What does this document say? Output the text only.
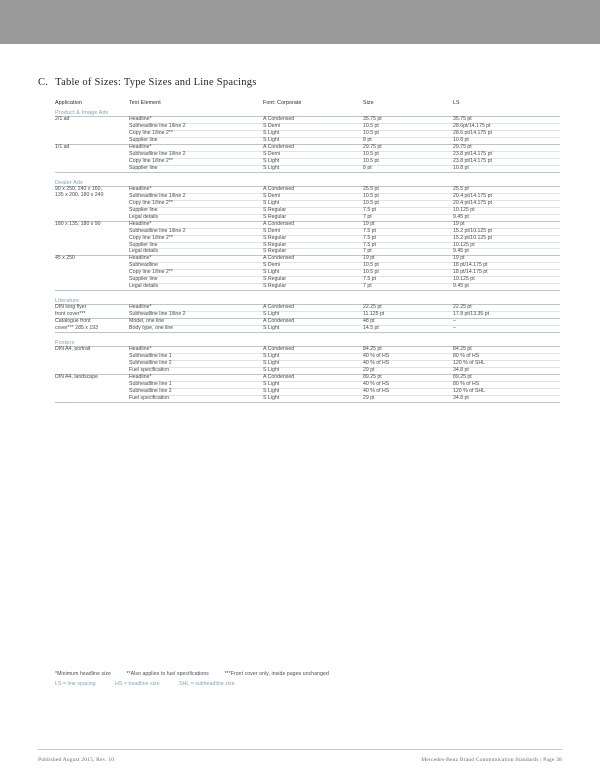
C. Table of Sizes: Type Sizes and Line Spacings
Application	Text Element	Font: Corporate	Size	LS
Product & Image Ads				
2/1 ad	Headline*	A Condensed	35.75 pt	35.75 pt
	Subheadline line 1/line 2	S Demi	10.5 pt	28.6pt/14.175 pt
	Copy line 1/line 2**	S Light	10.5 pt	28.6 pt/14.175 pt
	Supplier line	S Light	8 pt	10.8 pt
1/1 ad	Headline*	A Condensed	29.75 pt	29.75 pt
	Subheadline line 1/line 2	S Demi	10.5 pt	23.8 pt/14.175 pt
	Copy line 1/line 2**	S Light	10.5 pt	23.8 pt/14.175 pt
	Supplier line	S Light	8 pt	10.8 pt

Dealer Ads				
90 x 250, 240 x 160,	Headline*	A Condensed	25.5 pt	25.5 pt
135 x 200, 180 x 240	Subheadline line 1/line 2	S Demi	10.5 pt	20.4 pt/14.175 pt
	Copy line 1/line 2**	S Light	10.5 pt	20.4 pt/14.175 pt
	Supplier line	S Regular	7.5 pt	10.125 pt
	Legal details	S Regular	7 pt	9.45 pt
180 x 135, 180 x 90	Headline*	A Condensed	19 pt	19 pt
	Subheadline line 1/line 2	S Demi	7.5 pt	15.2 pt/10.125 pt
	Copy line 1/line 2**	S Regular	7.5 pt	15.2 pt/10.125 pt
	Supplier line	S Regular	7.5 pt	10.125 pt
	Legal details	S Regular	7 pt	9.45 pt
45 x 250	Headline*	A Condensed	19 pt	19 pt
	Subheadline	S Demi	10.5 pt	18 pt/14.175 pt
	Copy line 1/line 2**	S Light	10.5 pt	18 pt/14.175 pt
	Supplier line	S Regular	7.5 pt	10.125 pt
	Legal details	S Regular	7 pt	9.45 pt

Literature				
DIN long flyer	Headline*	A Condensed	22.25 pt	22.25 pt
front cover***	Subheadline line 1/line 2	S Light	11.125 pt	17.8 pt/13.35 pt
Catalogue front	Model, one line	A Condensed	48 pt	–
cover*** 285 x 193	Body type, one line	S Light	14.5 pt	–

Posters				
DIN A4, portrait	Headline*	A Condensed	84.25 pt	84.25 pt
	Subheadline line 1	S Light	40 % of HS	80 % of HS
	Subheadline line 2	S Light	40 % of HS	120 % of SHL
	Fuel specification	S Light	29 pt	34.8 pt
DIN A4, landscape	Headline*	A Condensed	89.25 pt	89.25 pt
	Subheadline line 1	S Light	40 % of HS	80 % of HS
	Subheadline line 2	S Light	40 % of HS	120 % of SHL
	Fuel specification	S Light	29 pt	34.8 pt
*Minimum headline size	**Also applies to fuel specifications	***Front cover only, inside pages unchanged
LS = line spacing	HS = headline size	SHL = subheadline size
Published August 2015, Rev. 10	Mercedes-Benz Brand Communication Standards | Page 38
